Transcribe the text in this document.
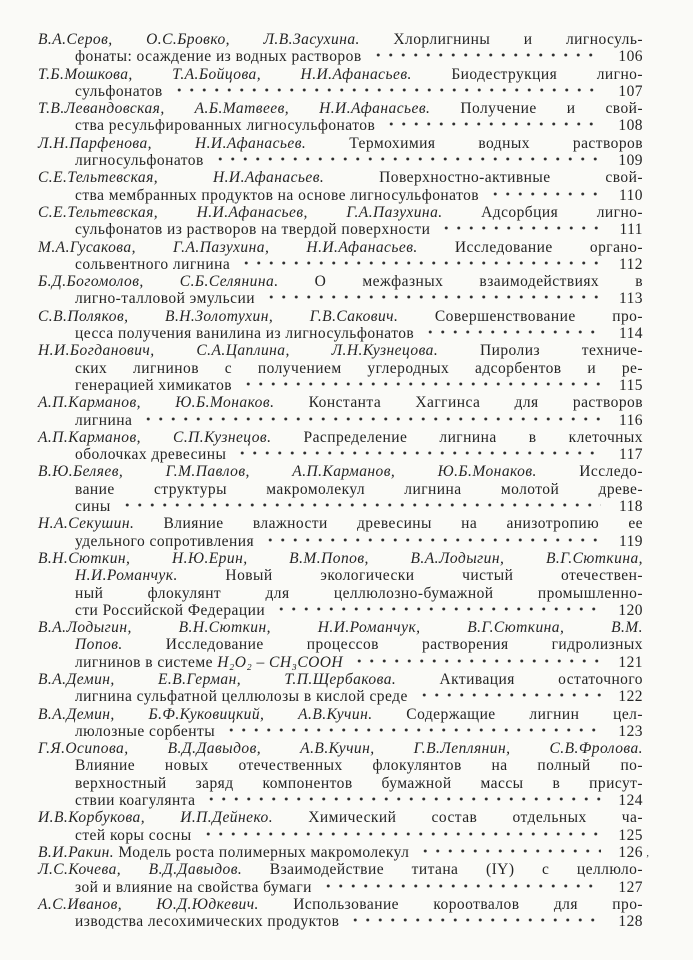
В.А.Серов, О.С.Бровко, Л.В.Засухина. Хлорлигнины и лигносуль-
фонаты: осаждение из водных растворов	106
Т.Б.Мошкова, Т.А.Бойцова, Н.И.Афанасьев. Биодеструкция лигно-
сульфонатов	107
Т.В.Левандовская, А.Б.Матвеев, Н.И.Афанасьев. Получение и свой-
ства ресульфированных лигносульфонатов	108
Л.Н.Парфенова, Н.И.Афанасьев. Термохимия водных растворов
лигносульфонатов	109
С.Е.Тельтевская, Н.И.Афанасьев. Поверхностно-активные свой-
ства мембранных продуктов на основе лигносульфонатов	110
С.Е.Тельтевская, Н.И.Афанасьев, Г.А.Пазухина. Адсорбция лигно-
сульфонатов из растворов на твердой поверхности	111
М.А.Гусакова, Г.А.Пазухина, Н.И.Афанасьев. Исследование органо-
сольвентного лигнина	112
Б.Д.Богомолов, С.Б.Селянина. О межфазных взаимодействиях в
лигно-талловой эмульсии	113
С.В.Поляков, В.Н.Золотухин, Г.В.Сакович. Совершенствование про-
цесса получения ванилина из лигносульфонатов	114
Н.И.Богданович, С.А.Цаплина, Л.Н.Кузнецова. Пиролиз техниче-
ских лигнинов с получением углеродных адсорбентов и ре-
генерацией химикатов	115
А.П.Карманов, Ю.Б.Монаков. Константа Хаггинса для растворов
лигнина	116
А.П.Карманов, С.П.Кузнецов. Распределение лигнина в клеточных
оболочках древесины	117
В.Ю.Беляев, Г.М.Павлов, А.П.Карманов, Ю.Б.Монаков. Исследо-
вание структуры макромолекул лигнина молотой древе-
сины	118
Н.А.Секушин. Влияние влажности древесины на анизотропию ее
удельного сопротивления	119
В.Н.Сюткин, Н.Ю.Ерин, В.М.Попов, В.А.Лодыгин, В.Г.Сюткина,
Н.И.Романчук. Новый экологически чистый отечествен-
ный флокулянт для целлюлозно-бумажной промышленно-
сти Российской Федерации	120
В.А.Лодыгин, В.Н.Сюткин, Н.И.Романчук, В.Г.Сюткина, В.М.
Попов. Исследование процессов растворения гидролизных
лигнинов в системе H₂O₂ – CH₃COOH	121
В.А.Демин, Е.В.Герман, Т.П.Щербакова. Активация остаточного
лигнина сульфатной целлюлозы в кислой среде	122
В.А.Демин, Б.Ф.Куковицкий, А.В.Кучин. Содержащие лигнин цел-
люлозные сорбенты	123
Г.Я.Осипова, В.Д.Давыдов, А.В.Кучин, Г.В.Леплянин, С.В.Фролова.
Влияние новых отечественных флокулянтов на полный по-
верхностный заряд компонентов бумажной массы в присут-
ствии коагулянта	124
И.В.Корбукова, И.П.Дейнеко. Химический состав отдельных ча-
стей коры сосны	125
В.И.Ракин. Модель роста полимерных макромолекул	126
Л.С.Кочева, В.Д.Давыдов. Взаимодействие титана (IY) с целлюло-
зой и влияние на свойства бумаги	127
А.С.Иванов, Ю.Д.Юдкевич. Использование короотвалов для про-
изводства лесохимических продуктов	128
ʼ
